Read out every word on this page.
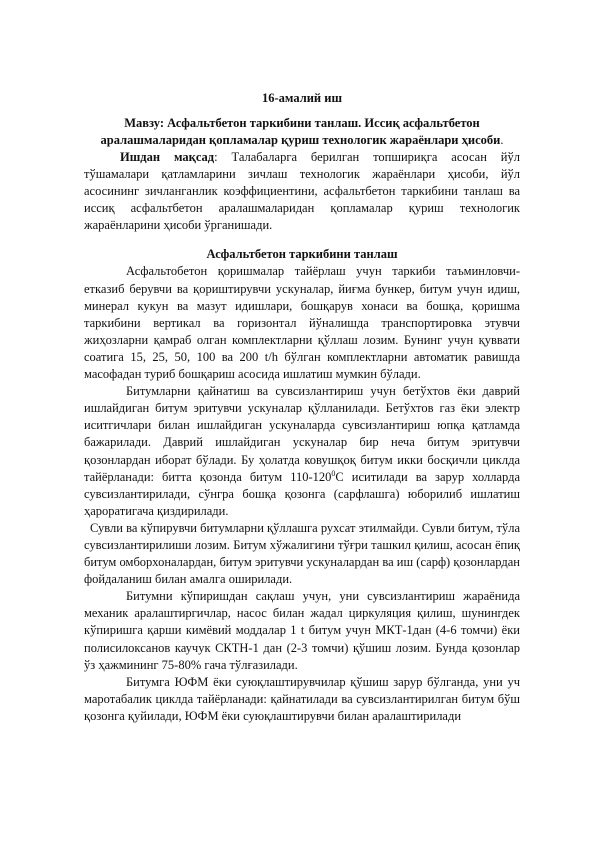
16-амалий иш

Мавзу: Асфальтбетон таркибини танлаш. Иссиқ асфальтбетон аралашмаларидан қопламалар қуриш технологик жараёнлари ҳисоби.

Ишдан мақсад: Талабаларга берилган топшириқга асосан йўл тўшамалари қатламларини зичлаш технологик жараёнлари ҳисоби, йўл асосининг зичланганлик коэффициентини, асфальтбетон таркибини танлаш ва иссиқ асфальтбетон аралашмаларидан қопламалар қуриш технологик жараёнларини ҳисоби ўрганишади.

Асфальтбетон таркибини танлаш

Асфальтобетон қоришмалар тайёрлаш учун таркиби таъминловчи-етказиб берувчи ва қориштирувчи ускуналар, йиғма бункер, битум учун идиш, минерал кукун ва мазут идишлари, бошқарув хонаси ва бошқа, қоришма таркибини вертикал ва горизонтал йўналишда транспортировка этувчи жиҳозларни қамраб олган комплектларни қўллаш лозим. Бунинг учун қуввати соатига 15, 25, 50, 100 ва 200 t/h бўлган комплектларни автоматик равишда масофадан туриб бошқариш асосида ишлатиш мумкин бўлади.

Битумларни қайнатиш ва сувсизлантириш учун бетўхтов ёки даврий ишлайдиган битум эритувчи ускуналар қўлланилади. Бетўхтов газ ёки электр иситгичлари билан ишлайдиган ускуналарда сувсизлантириш юпқа қатламда бажарилади. Даврий ишлайдиган ускуналар бир неча битум эритувчи қозонлардан иборат бўлади. Бу ҳолатда ковушқоқ битум икки босқичли циклда тайёрланади: битта қозонда битум $110-120^0С$ иситилади ва зарур холларда сувсизлантирилади, сўнгра бошқа қозонга (сарфлашга) юборилиб ишлатиш ҳароратигача қиздирилади.

Сувли ва кўпирувчи битумларни қўллашга рухсат этилмайди. Сувли битум, тўла сувсизлантирилиши лозим. Битум хўжалигини тўғри ташкил қилиш, асосан ёпиқ битум омборхоналардан, битум эритувчи ускуналардан ва иш (сарф) қозонлардан фойдаланиш билан амалга оширилади.

Битумни кўпиришдан сақлаш учун, уни сувсизлантириш жараёнида механик аралаштиргичлар, насос билан жадал циркуляция қилиш, шунингдек кўпиришга қарши кимёвий моддалар 1 t битум учун МКТ-1дан (4-6 томчи) ёки полисилоксанов каучук СКТН-1 дан (2-3 томчи) қўшиш лозим. Бунда қозонлар ўз ҳажмининг 75-80% гача тўлғазилади.

Битумга ЮФМ ёки суюқлаштирувчилар қўшиш зарур бўлганда, уни уч маротабалик циклда тайёрланади: қайнатилади ва сувсизлантирилган битум бўш қозонга қуйилади, ЮФМ ёки суюқлаштирувчи билан аралаштирилади
